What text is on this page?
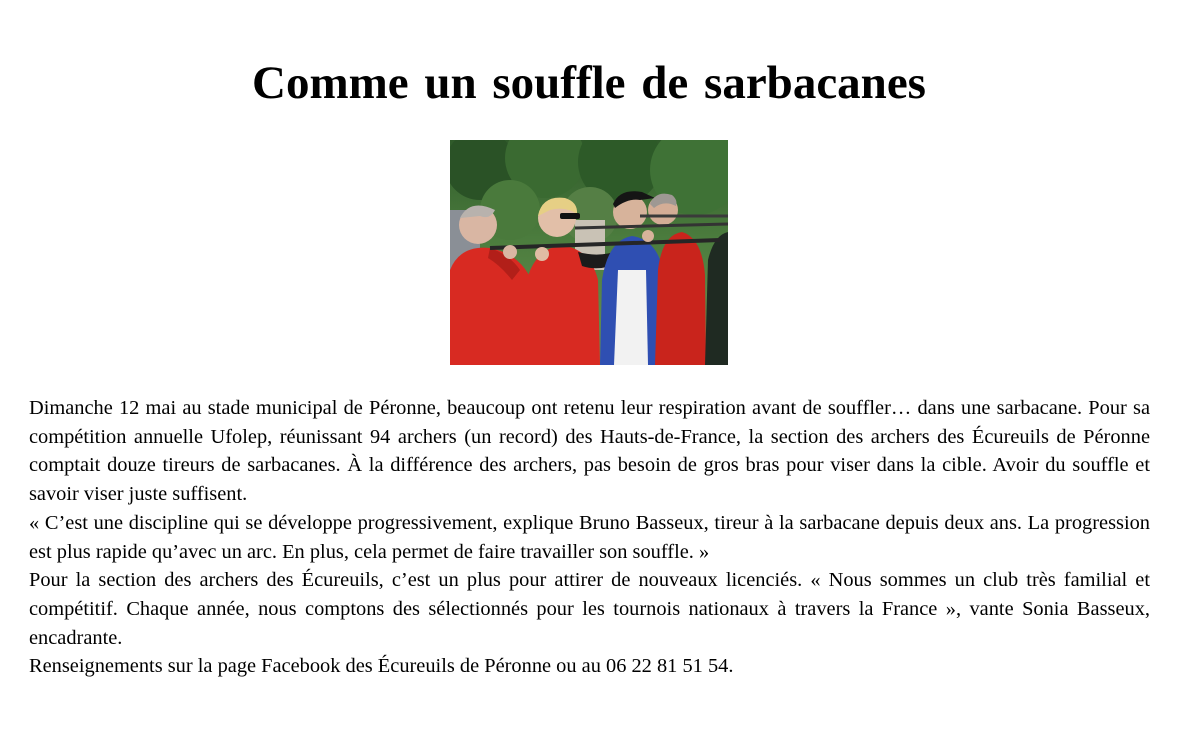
Comme un souffle de sarbacanes

Dimanche 12 mai au stade municipal de Péronne, beaucoup ont retenu leur respiration avant de souffler… dans une sarbacane. Pour sa compétition annuelle Ufolep, réunissant 94 archers (un record) des Hauts-de-France, la section des archers des Écureuils de Péronne comptait douze tireurs de sarbacanes. À la différence des archers, pas besoin de gros bras pour viser dans la cible. Avoir du souffle et savoir viser juste suffisent.

« C’est une discipline qui se développe progressivement, explique Bruno Basseux, tireur à la sarbacane depuis deux ans. La progression est plus rapide qu’avec un arc. En plus, cela permet de faire travailler son souffle. »

Pour la section des archers des Écureuils, c’est un plus pour attirer de nouveaux licenciés. « Nous sommes un club très familial et compétitif. Chaque année, nous comptons des sélectionnés pour les tournois nationaux à travers la France », vante Sonia Basseux, encadrante.

Renseignements sur la page Facebook des Écureuils de Péronne ou au 06 22 81 51 54.
